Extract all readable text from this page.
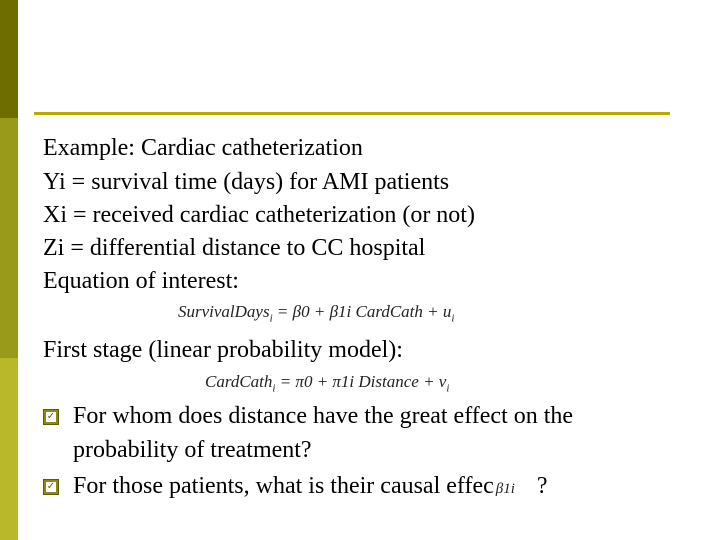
Example: Cardiac catheterization
Yi = survival time (days) for AMI patients
Xi = received cardiac catheterization (or not)
Zi = differential distance to CC hospital
Equation of interest:
SurvivalDays$_i$ = β0 + β1i CardCath + $u_i$
First stage (linear probability model):
CardCath$_i$ = π0 + π1i Distance + $v_i$
✓ For whom does distance have the great effect on the
probability of treatment?
✓ For those patients, what is their causal effec β1i ?
